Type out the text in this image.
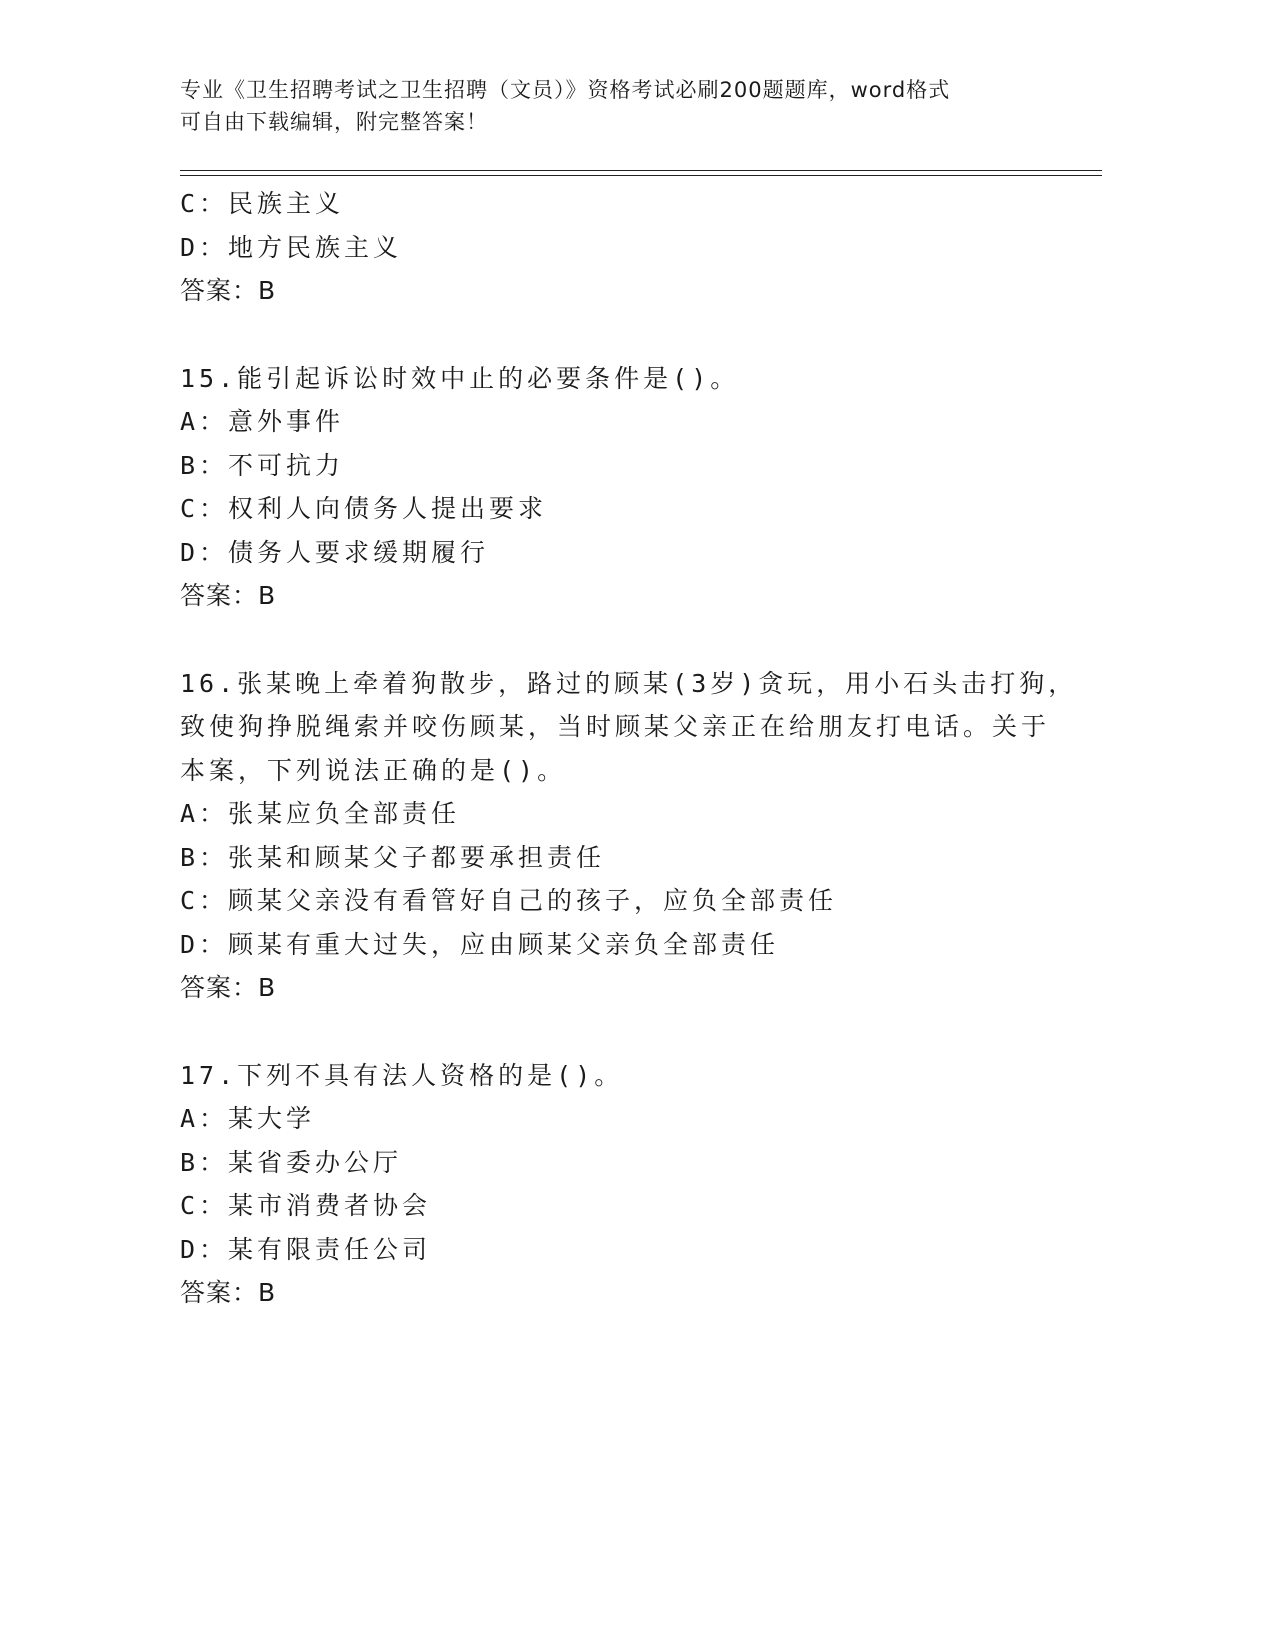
专业《卫生招聘考试之卫生招聘（文员）》资格考试必刷200题题库，word格式
可自由下载编辑，附完整答案！
C：民族主义
D：地方民族主义
答案：B
15.能引起诉讼时效中止的必要条件是()。
A：意外事件
B：不可抗力
C：权利人向债务人提出要求
D：债务人要求缓期履行
答案：B
16.张某晚上牵着狗散步，路过的顾某(3岁)贪玩，用小石头击打狗，
致使狗挣脱绳索并咬伤顾某，当时顾某父亲正在给朋友打电话。关于
本案，下列说法正确的是()。
A：张某应负全部责任
B：张某和顾某父子都要承担责任
C：顾某父亲没有看管好自己的孩子，应负全部责任
D：顾某有重大过失，应由顾某父亲负全部责任
答案：B
17.下列不具有法人资格的是()。
A：某大学
B：某省委办公厅
C：某市消费者协会
D：某有限责任公司
答案：B
